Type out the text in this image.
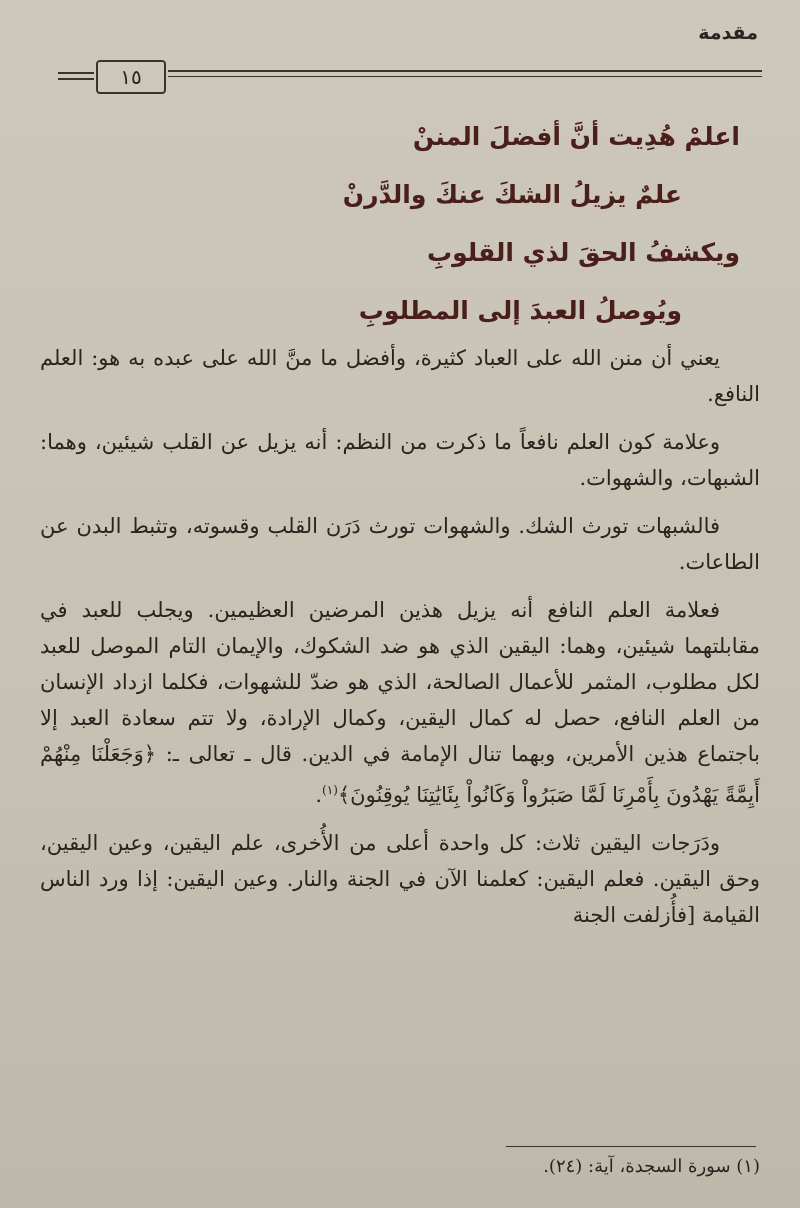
مقدمة
١٥
اعلمْ هُدِيت أنَّ أفضلَ المننْ
علمٌ يزيلُ الشكَ عنكَ والدَّرنْ
ويكشفُ الحقَ لذي القلوبِ
ويُوصلُ العبدَ إلى المطلوبِ

يعني أن منن الله على العباد كثيرة، وأفضل ما منَّ الله على عبده به هو: العلم النافع.

وعلامة كون العلم نافعاً ما ذكرت من النظم: أنه يزيل عن القلب شيئين، وهما: الشبهات، والشهوات.

فالشبهات تورث الشك. والشهوات تورث دَرَن القلب وقسوته، وتثبط البدن عن الطاعات.

فعلامة العلم النافع أنه يزيل هذين المرضين العظيمين. ويجلب للعبد في مقابلتهما شيئين، وهما: اليقين الذي هو ضد الشكوك، والإيمان التام الموصل للعبد لكل مطلوب، المثمر للأعمال الصالحة، الذي هو ضدّ للشهوات، فكلما ازداد الإنسان من العلم النافع، حصل له كمال اليقين، وكمال الإرادة، ولا تتم سعادة العبد إلا باجتماع هذين الأمرين، وبهما تنال الإمامة في الدين. قال ـ تعالى ـ: ﴿وَجَعَلْنَا مِنْهُمْ أَيِمَّةً يَهْدُونَ بِأَمْرِنَا لَمَّا صَبَرُواْ وَكَانُواْ بِئَايَٰتِنَا يُوقِنُونَ﴾$^{(١)}$.

ودَرَجات اليقين ثلاث: كل واحدة أعلى من الأُخرى، علم اليقين، وعين اليقين، وحق اليقين. فعلم اليقين: كعلمنا الآن في الجنة والنار. وعين اليقين: إذا ورد الناس القيامة [فأُزلفت الجنة

(١) سورة السجدة، آية: (٢٤).
